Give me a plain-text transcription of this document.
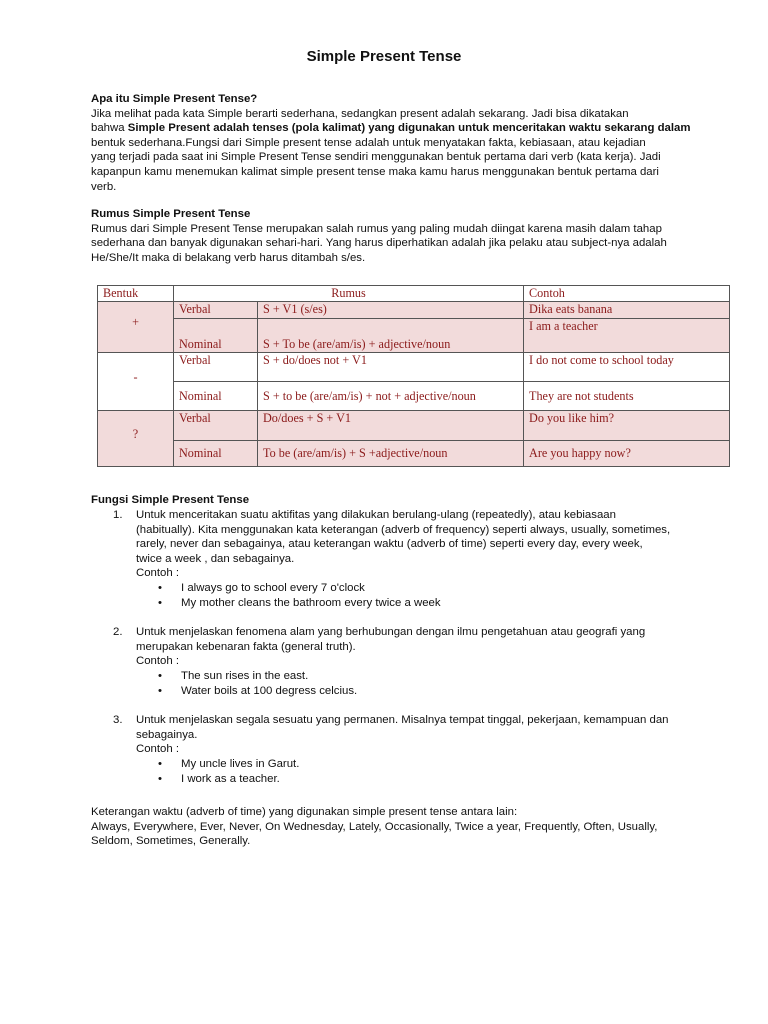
Simple Present Tense
Apa itu Simple Present Tense?
Jika melihat pada kata Simple berarti sederhana, sedangkan present adalah sekarang. Jadi bisa dikatakan
bahwa Simple Present adalah tenses (pola kalimat) yang digunakan untuk menceritakan waktu sekarang dalam
bentuk sederhana.Fungsi dari Simple present tense adalah untuk menyatakan fakta, kebiasaan, atau kejadian
yang terjadi pada saat ini Simple Present Tense sendiri menggunakan bentuk pertama dari verb (kata kerja). Jadi
kapanpun kamu menemukan kalimat simple present tense maka kamu harus menggunakan bentuk pertama dari
verb.
Rumus Simple Present Tense
Rumus dari Simple Present Tense merupakan salah rumus yang paling mudah diingat karena masih dalam tahap
sederhana dan banyak digunakan sehari-hari. Yang harus diperhatikan adalah jika pelaku atau subject-nya adalah
He/She/It maka di belakang verb harus ditambah s/es.
Bentuk	Rumus		Contoh
+	Verbal	S + V1 (s/es)	Dika eats banana
	Nominal	S + To be (are/am/is) + adjective/noun	I am a teacher
-	Verbal	S + do/does not + V1	I do not come to school today
	Nominal	S + to be (are/am/is) + not + adjective/noun	They are not students
?	Verbal	Do/does + S + V1	Do you like him?
	Nominal	To be (are/am/is) + S +adjective/noun	Are you happy now?
Fungsi Simple Present Tense
1. Untuk menceritakan suatu aktifitas yang dilakukan berulang-ulang (repeatedly), atau kebiasaan
(habitually). Kita menggunakan kata keterangan (adverb of frequency) seperti always, usually, sometimes,
rarely, never dan sebagainya, atau keterangan waktu (adverb of time) seperti every day, every week,
twice a week , dan sebagainya.
Contoh :
• I always go to school every 7 o'clock
• My mother cleans the bathroom every twice a week
2. Untuk menjelaskan fenomena alam yang berhubungan dengan ilmu pengetahuan atau geografi yang
merupakan kebenaran fakta (general truth).
Contoh :
• The sun rises in the east.
• Water boils at 100 degress celcius.
3. Untuk menjelaskan segala sesuatu yang permanen. Misalnya tempat tinggal, pekerjaan, kemampuan dan
sebagainya.
Contoh :
• My uncle lives in Garut.
• I work as a teacher.
Keterangan waktu (adverb of time) yang digunakan simple present tense antara lain:
Always, Everywhere, Ever, Never, On Wednesday, Lately, Occasionally, Twice a year, Frequently, Often, Usually,
Seldom, Sometimes, Generally.
